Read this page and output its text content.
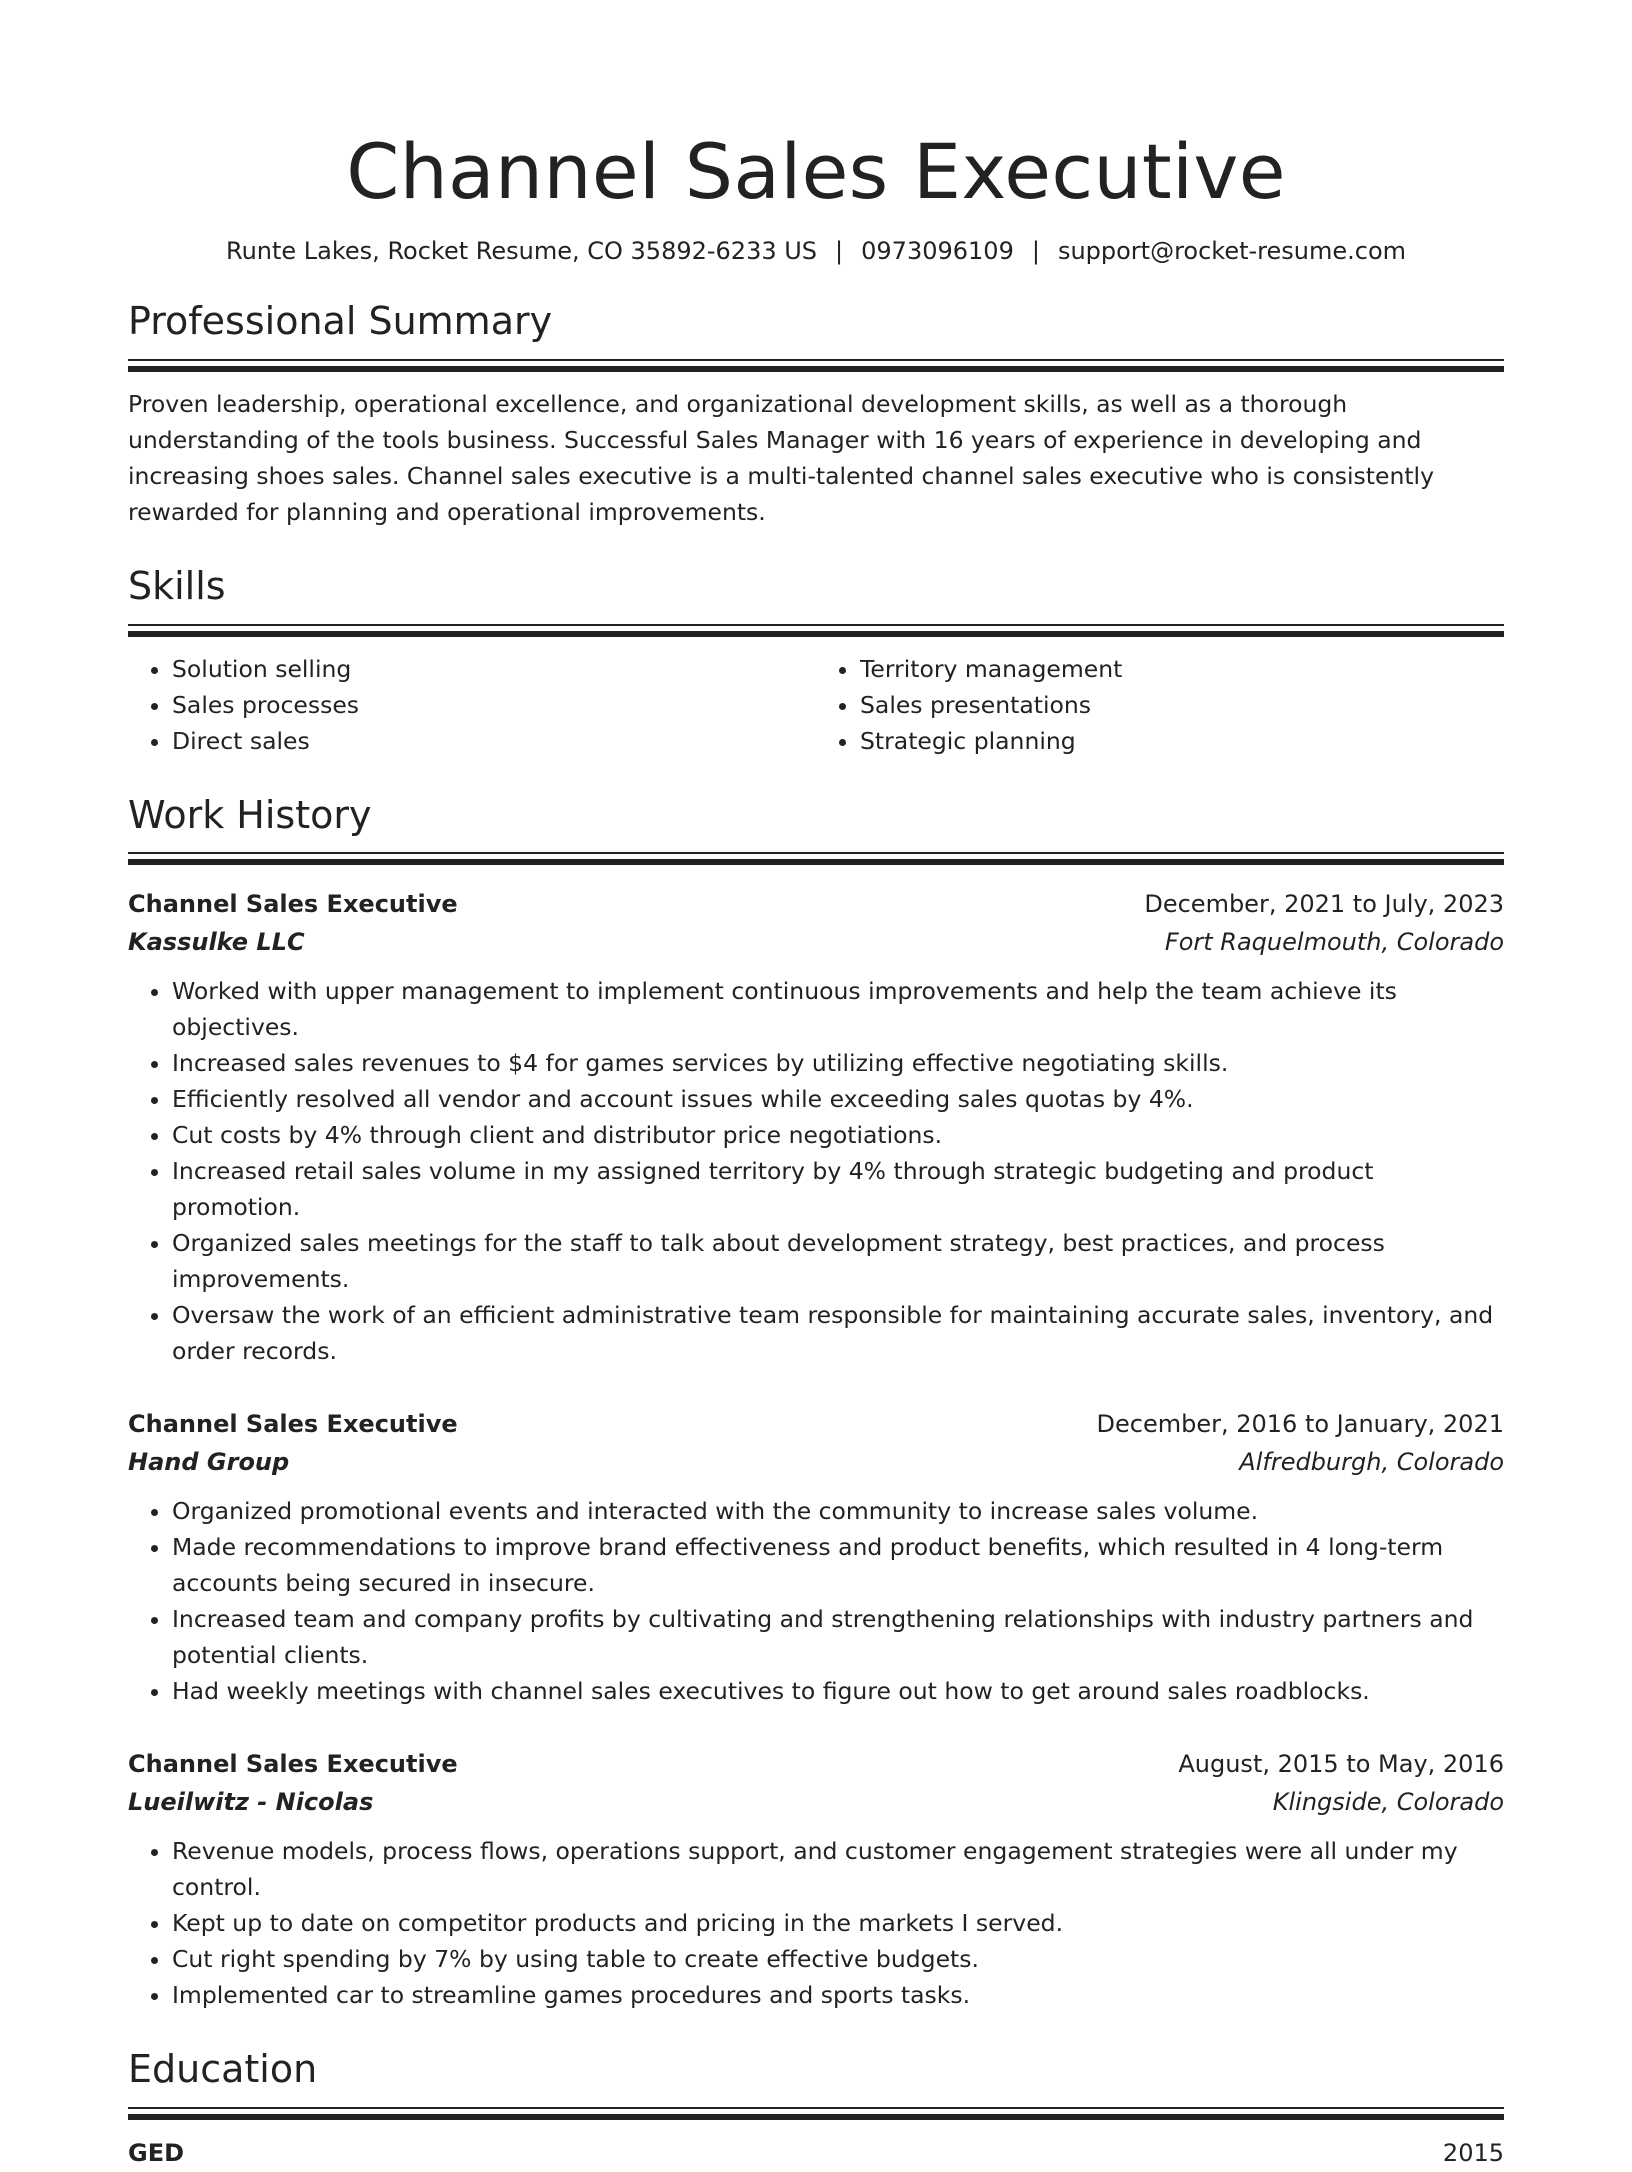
Channel Sales Executive
Runte Lakes, Rocket Resume, CO 35892-6233 US | 0973096109 | support@rocket-resume.com
Professional Summary

Proven leadership, operational excellence, and organizational development skills, as well as a thorough understanding of the tools business. Successful Sales Manager with 16 years of experience in developing and increasing shoes sales. Channel sales executive is a multi-talented channel sales executive who is consistently rewarded for planning and operational improvements.

Skills
• Solution selling
• Sales processes
• Direct sales
• Territory management
• Sales presentations
• Strategic planning
Work History
Channel Sales Executive	December, 2021 to July, 2023
Kassulke LLC	Fort Raquelmouth, Colorado
• Worked with upper management to implement continuous improvements and help the team achieve its objectives.
• Increased sales revenues to $4 for games services by utilizing effective negotiating skills.
• Efficiently resolved all vendor and account issues while exceeding sales quotas by 4%.
• Cut costs by 4% through client and distributor price negotiations.
• Increased retail sales volume in my assigned territory by 4% through strategic budgeting and product promotion.
• Organized sales meetings for the staff to talk about development strategy, best practices, and process improvements.
• Oversaw the work of an efficient administrative team responsible for maintaining accurate sales, inventory, and order records.
Channel Sales Executive	December, 2016 to January, 2021
Hand Group	Alfredburgh, Colorado
• Organized promotional events and interacted with the community to increase sales volume.
• Made recommendations to improve brand effectiveness and product benefits, which resulted in 4 long-term accounts being secured in insecure.
• Increased team and company profits by cultivating and strengthening relationships with industry partners and potential clients.
• Had weekly meetings with channel sales executives to figure out how to get around sales roadblocks.
Channel Sales Executive	August, 2015 to May, 2016
Lueilwitz - Nicolas	Klingside, Colorado
• Revenue models, process flows, operations support, and customer engagement strategies were all under my control.
• Kept up to date on competitor products and pricing in the markets I served.
• Cut right spending by 7% by using table to create effective budgets.
• Implemented car to streamline games procedures and sports tasks.
Education
GED	2015
